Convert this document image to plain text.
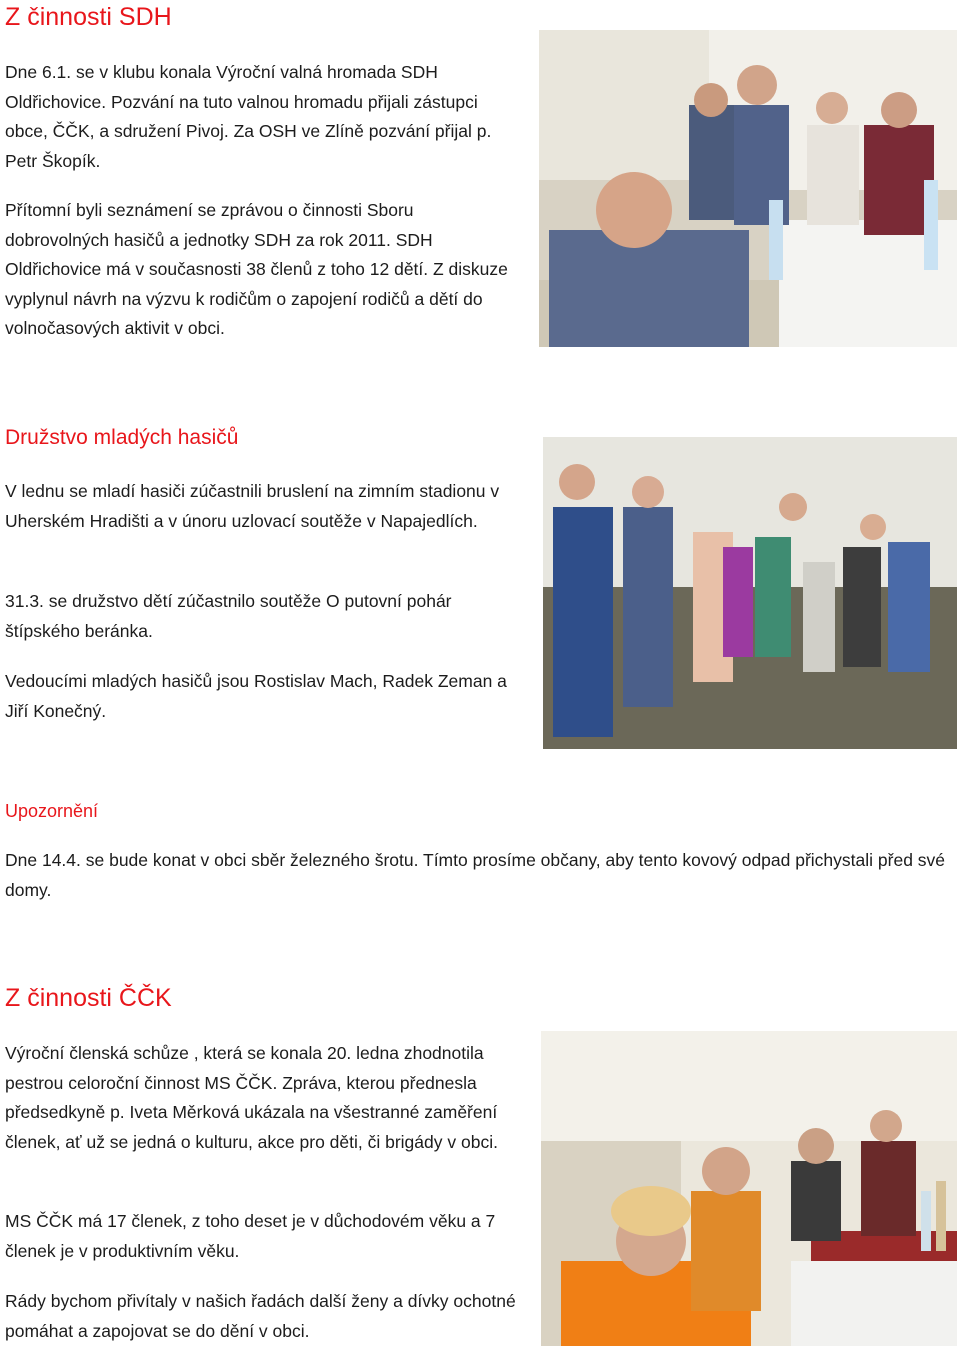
Z činnosti SDH

Dne 6.1. se v klubu konala Výroční valná hromada SDH Oldřichovice. Pozvání na tuto valnou hromadu přijali zástupci obce, ČČK, a sdružení Pivoj. Za OSH ve Zlíně pozvání přijal p. Petr Škopík.

Přítomní byli seznámení se zprávou o činnosti Sboru dobrovolných hasičů a jednotky SDH za rok 2011. SDH Oldřichovice má v současnosti 38 členů z toho 12 dětí. Z diskuze vyplynul návrh na výzvu k rodičům o zapojení rodičů a dětí do volnočasových aktivit v obci.

Družstvo mladých hasičů

V lednu se mladí hasiči zúčastnili bruslení na zimním stadionu v Uherském Hradišti a v únoru uzlovací soutěže v Napajedlích.

31.3. se družstvo dětí zúčastnilo soutěže O putovní pohár štípského beránka.

Vedoucími mladých hasičů jsou Rostislav Mach, Radek Zeman a Jiří Konečný.

Upozornění

Dne 14.4. se bude konat v obci sběr železného šrotu. Tímto prosíme občany, aby tento kovový odpad přichystali před své domy.

Z činnosti ČČK

Výroční členská schůze , která se konala 20. ledna zhodnotila pestrou celoroční činnost MS ČČK. Zpráva, kterou přednesla předsedkyně p. Iveta Měrková ukázala na všestranné zaměření členek, ať už se jedná o kulturu, akce pro děti, či brigády v obci.

MS ČČK má 17 členek, z toho deset je v důchodovém věku a 7 členek je v produktivním věku.

Rády bychom přivítaly v našich řadách další ženy a dívky ochotné pomáhat a zapojovat se do dění v obci.
